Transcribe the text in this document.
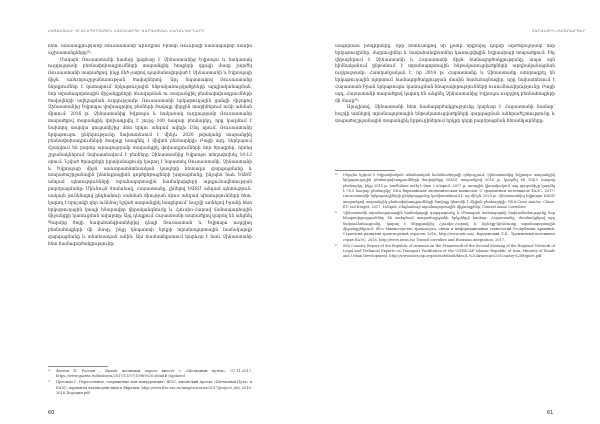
ՀԱՅԱՍՏԱՆԻ ՏՐԱՆՍՊՈՐՏԱՅԻՆ ՀԱՄԱԿԱՐԳԻ ԶԱՐԳԱՑՄԱՆ ՀԵՌԱՆԿԱՐՆԵՐԸ

հետ, մասնակցությամբ Ռուսաստանի Արևելյան Իրանի Ռուսիայի ճանապարհի մասին աշխատանքները²⁸։

Սակայն Ռուսաստանի համար կարևոր է Չինաստանից Եվրոպա և հակառակ ուղղությամբ բեռնափոխադրումների տարանցիկ հոսքերի զգալի մասը շարժել Ռուսաստանի տարածքով, ինչը մեծ չափով պայմանավորված է Չինաստանի և Եվրոպայի միջև առևտրաշրջանառության ծավալներով։ Այդ նպատակով Ռուսաստանը ներդրումներ է կատարում երկաթուղային ենթակառուցվածքների արդիականացման, նոր տրանսպորտային միջանցքների ձևավորման ու տարանցիկ բեռնափոխադրումների ծավալների ավելացման ուղղությամբ։ Ռուսաստանի երկաթուղային ցանցի միջոցով Չինաստանից Եվրոպա փոխադրվող բեռների ծավալը վերջին տարիներում ունի աճման միտում։ 2016 թ. Չինաստանից Եվրոպա և հակառակ ուղղությամբ Ռուսաստանի տարածքով տարանցիկ փոխադրվել է շուրջ 100 հազար բեռնարկղ, որը կազմում է նախորդ տարվա ցուցանիշից մոտ երկու անգամ ավելի։ Ընդ որում, Ռուսաստանի երկաթուղու ընկերությունը նախատեսում է մինչև 2020 թվականը տարանցիկ բեռնափոխադրումների ծավալը հասցնել 1 միլիոն բեռնարկղի։ Բացի այդ, ներկայում մշակվում են բարձր արագությամբ տարանցիկ փոխադրումների նոր ծրագրեր, որոնց շրջանակներում նախատեսվում է բեռները Չինաստանից Եվրոպա տեղափոխել 10-12 օրում։ Նշված ծրագրերի իրականացումը կարող է նպաստել Ռուսաստանի, Չինաստանի և Եվրոպայի միջև առևտրատնտեսական կապերի հետագա զարգացմանը և տարածաշրջանային ինտեգրացիոն գործընթացների խորացմանը, ինչպես նաև ԵԱՏՄ անդամ պետությունների տրանսպորտային համակարգերի արդյունավետության բարձրացմանը։ Միևնույն ժամանակ, Հայաստանը, լինելով ԵԱՏՄ անդամ պետություն, սակայն չունենալով ընդհանուր սահման միության մյուս անդամ պետությունների հետ, կարող է որոշակի դեր ունենալ նշված տարանցիկ հոսքերում՝ հաշվի առնելով Իրանի հետ երկաթուղային կապի հնարավոր վերականգնումը և Հյուսիս-Հարավ ճանապարհային միջանցքի կառուցման ավարտը։ Այդ դեպքում Հայաստանի տարածքով կարող են անցնել Պարսից ծոցի նավահանգիստներից դեպի Ռուսաստան և Եվրոպա ուղղվող բեռնահոսքերի մի մասը, ինչը կնպաստի երկրի տրանսպորտային համակարգի զարգացմանը և տնտեսական աճին։ Այս համատեքստում կարևոր է նաև Չինաստանի հետ համագործակցությունը։

²⁸	Фатеев П. Россия – Китай: шелковая дорога вместе с «Шелковым путем», 07.11.2017, https://www.gazeta.ru/business/2017/11/07/10969520.shtml#!/updated
²⁹	Пресман С. Пересечение, сопряжение или конкуренция? ШОС, китайский проект «Шелковый Путь» и ЕАЭС: варианты взаимодействия в Евразии, http://www.ifes-ras.ru/images/stories/2017/project_rfo/_2016-2018_Бородин.pdf
60
ՏԱՐԱՆՑԻԿ ՀԱՄԱԿԱՐԳԵՐ

սավորման խնդիրները, որի հետևանքով մի քանի միլիարդ դոլար արժողությամբ նոր երկաթուղիներ, մայրուղիներ և նավահանգիստներ կառուցվեցին Եվրասիայի տարածքում։ Ինչ վերաբերում է Չինաստանի և Հայաստանի միջև համագործակցությանը, ապա այն հիմնականում ընթանում է տրանսպորտային ենթակառուցվածքների արդիականացման ուղղությամբ։ Հատկանշական է, որ 2014 թ. Հայաստանը և Չինաստանը ստորագրել են երկաթուղային ոլորտում համագործակցության մասին համաձայնագիր, որը նախատեսում է Հայաստան-Իրան երկաթուղու կառուցման հնարավորությունների ուսումնասիրությունը։ Բացի այդ, Հայաստանի տարածքով կարող են անցնել Չինաստանից Եվրոպա ուղղվող բեռնահոսքերի մի մասը³⁰։

Այսպիսով, Չինաստանի հետ համագործակցությունը կարևոր է Հայաստանի համար՝ հաշվի առնելով տրանսպորտային ենթակառուցվածքների զարգացման անհրաժեշտությունը և տարածաշրջանային տարանցիկ երթուղիներում երկրի դերի բարձրացման հեռանկարները։

³⁰	Ինչպես նշվում է Եվրասիական տնտեսական հանձնաժողովի զեկույցում, Չինաստանից Եվրոպա տարանցիկ երկաթուղային բեռնափոխադրումների ծավալները ԵԱՏՄ տարածքով 2016 թ. կազմել են 104.5 հազար բեռնարկղ, ինչը 2015 թ. համեմատ աճել է մոտ 2 անգամ։ 2017 թ. առաջին կիսամյակում այդ ցուցանիշը կազմել է 76.5 հազար բեռնարկղ։ Տե՛ս Евразийская экономическая комиссия. О транзитном потенциале ЕАЭС, 2017։ Ռուսաստանի երկաթուղիների ընկերությունը կանխատեսում է, որ մինչև 2020 թ. Չինաստանից Եվրոպա ԵԱՏՄ տարածքով տարանցիկ բեռնափոխադրումների ծավալը կհասնի 1 միլիոն բեռնարկղի։ Տե՛ս Cisse Aniche, China-EU rail freight, 2017, Լոնդոն, Ընդհանուր տրանսպորտային միջանցքներ, Central Asian Corridors։
³¹	Չինաստանի տրանսպորտային համակարգի զարգացումը և Մետաքսե ճանապարհի նախաձեռնությունը նոր հնարավորություններ են ստեղծում տարածաշրջանի երկրների համար։ Հայաստանը, մասնակցելով այդ նախաձեռնությանը, կարող է ներգրավվել Հյուսիս-Հարավ և Արևելք-Արևմուտք տրանսպորտային միջանցքներում։ Տե՛ս Министерство транспорта, связи и информационных технологий Республики Армения. Стратегия развития транспортной отрасли, 2016, http://www.mtc.am/; Вардомский Л.Б., Транзитный потенциал стран ЕАЭС, 2016, http://www.ieras.ru/ Transit corridors and Eurasian integration, 2017.
³²	SSS Country Report of the Republic of Armenia on the Framework of the Second Meeting of the Regional Network of Legal and Technical Experts on Transport Facilitation of the UNESCAP, Islamic Republic of Iran, Ministry of Roads and Urban Development, http://www.unescap.org/sites/default/files/4.%20Armenia%20Country%20Report.pdf
61
